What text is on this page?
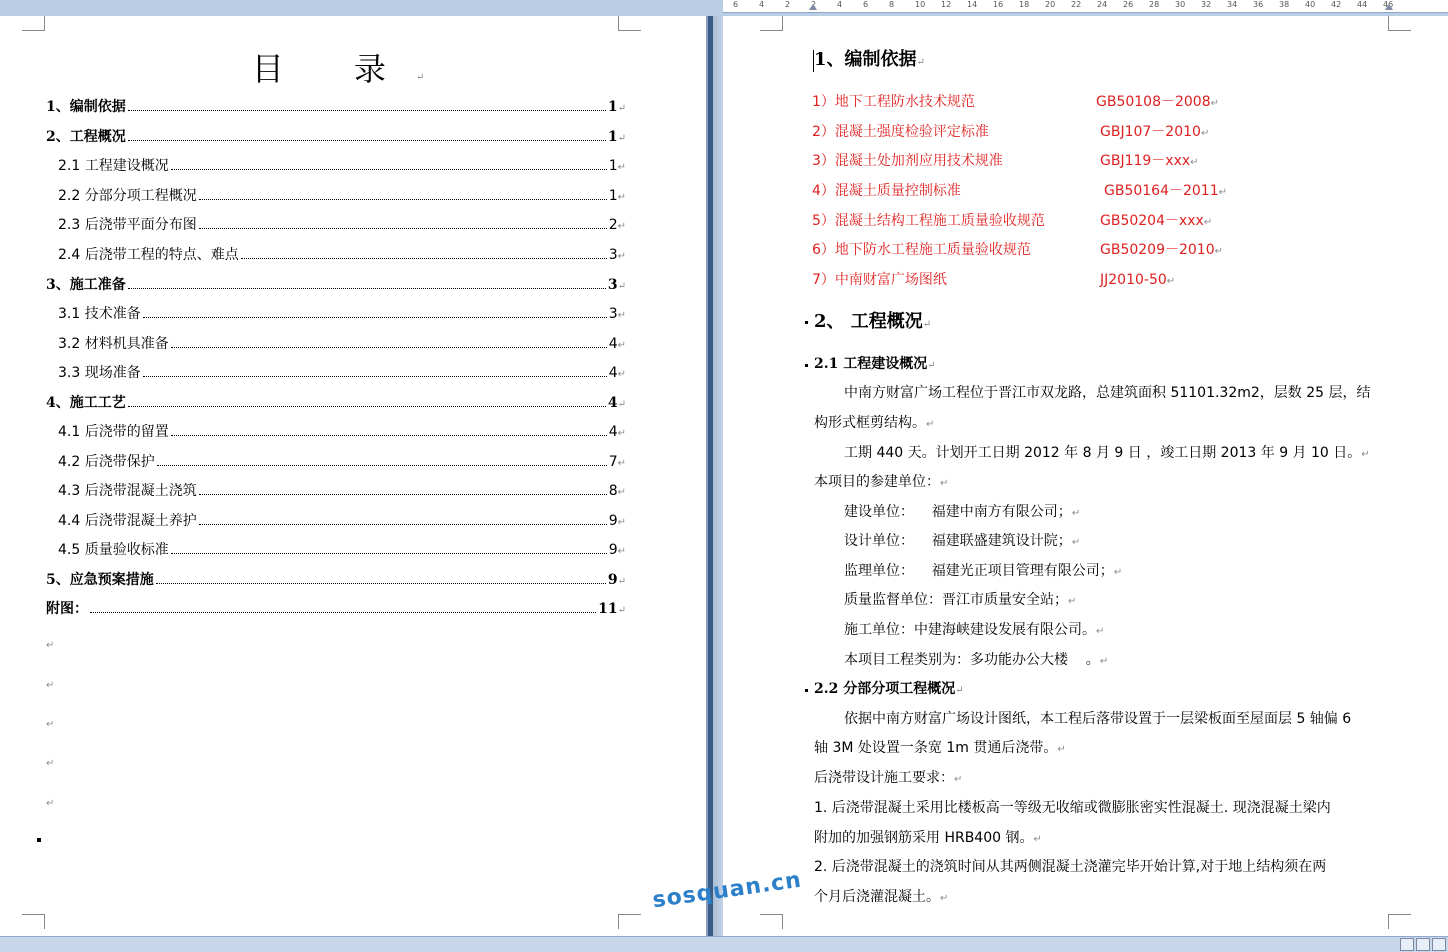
6	4	2	2	4	6	8	10 12 14 16 18 20 22 24 26 28 30 32 34 36 38 40 42 44 46
目 录↵
1、编制依据	1 ↵
2、工程概况	1 ↵
2.1 工程建设概况	1 ↵
2.2 分部分项工程概况	1 ↵
2.3 后浇带平面分布图	2 ↵
2.4 后浇带工程的特点、难点	3 ↵
3、施工准备	3 ↵
3.1 技术准备	3 ↵
3.2 材料机具准备	4 ↵
3.3 现场准备	4 ↵
4、施工工艺	4 ↵
4.1 后浇带的留置	4 ↵
4.2 后浇带保护	7 ↵
4.3 后浇带混凝土浇筑	8 ↵
4.4 后浇带混凝土养护	9 ↵
4.5 质量验收标准	9 ↵
5、应急预案措施	9 ↵
附图：	11 ↵
↵
↵
↵
↵
↵
1、编制依据↵
1）地下工程防水技术规范	GB50108－2008↵
2）混凝土强度检验评定标准	GBJ107－2010↵
3）混凝土处加剂应用技术规准	GBJ119－xxx↵
4）混凝土质量控制标准	GB50164－2011↵
5）混凝土结构工程施工质量验收规范	GB50204－xxx↵
6）地下防水工程施工质量验收规范	GB50209－2010↵
7）中南财富广场图纸	JJ2010-50↵
2、 工程概况↵
2.1 工程建设概况↵
中南方财富广场工程位于晋江市双龙路，总建筑面积 51101.32m2，层数 25 层，结
构形式框剪结构。↵
工期 440 天。计划开工日期 2012 年 8 月 9 日 ，竣工日期 2013 年 9 月 10 日。↵
本项目的参建单位：↵
建设单位：    福建中南方有限公司；↵
设计单位：    福建联盛建筑设计院；↵
监理单位：    福建光正项目管理有限公司；↵
质量监督单位：晋江市质量安全站；↵
施工单位：中建海峡建设发展有限公司。↵
本项目工程类别为：多功能办公大楼    。↵
2.2 分部分项工程概况↵
依据中南方财富广场设计图纸，本工程后落带设置于一层梁板面至屋面层 5 轴偏 6
轴 3M 处设置一条宽 1m 贯通后浇带。↵
后浇带设计施工要求：↵
1. 后浇带混凝土采用比楼板高一等级无收缩或微膨胀密实性混凝土. 现浇混凝土梁内
附加的加强钢筋采用 HRB400 钢。↵
2. 后浇带混凝土的浇筑时间从其两侧混凝土浇灌完毕开始计算,对于地上结构须在两
个月后浇灌混凝土。↵
sosquan.cn
